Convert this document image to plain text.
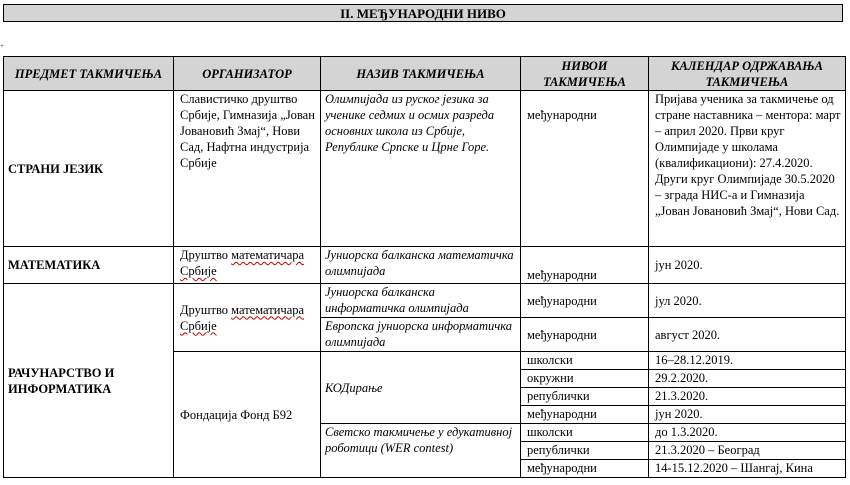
II. МЕЂУНАРОДНИ НИВО
+
ПРЕДМЕТ ТАКМИЧЕЊА	ОРГАНИЗАТОР	НАЗИВ ТАКМИЧЕЊА	НИВОИ ТАКМИЧЕЊА	КАЛЕНДАР ОДРЖАВАЊА ТАКМИЧЕЊА
СТРАНИ ЈЕЗИК	Славистичко друштво Србије, Гимназија „Јован Јовановић Змај“, Нови Сад, Нафтна индустрија Србије	Олимпијада из руског језика за ученике седмих и осмих разреда основних школа из Србије, Републике Српске и Црне Горе.	међународни	Пријава ученика за такмичење од стране наставника – ментора: март – април 2020. Први круг Олимпијаде у школама (квалификациони): 27.4.2020. Други круг Олимпијаде 30.5.2020 – зграда НИС-а и Гимназија „Јован Јовановић Змај“, Нови Сад.
МАТЕМАТИКА	Друштво математичара Србије	Јуниорска балканска математичка олимпијада	међународни	јун 2020.
РАЧУНАРСТВО И ИНФОРМАТИКА	Друштво математичара Србије	Јуниорска балканска информатичка олимпијада	међународни	јул 2020.
		Европска јуниорска информатичка олимпијада	међународни	август 2020.
	Фондација Фонд Б92	КОДирање	школски	16–28.12.2019.
			окружни	29.2.2020.
			републички	21.3.2020.
			међународни	јун 2020.
		Светско такмичење у едукативној роботици (WER contest)	школски	до 1.3.2020.
			републички	21.3.2020 – Београд
			међународни	14-15.12.2020 – Шангај, Кина
